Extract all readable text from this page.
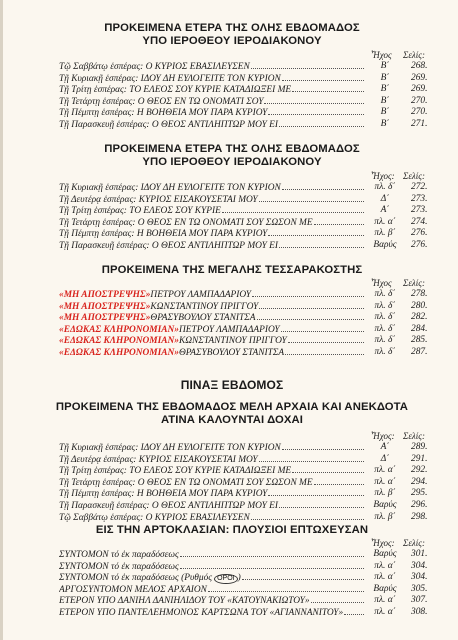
ΠΡΟΚΕΙΜΕΝΑ ΕΤΕΡΑ ΤΗΣ ΟΛΗΣ ΕΒΔΟΜΑΔΟΣ
ΥΠΟ ΙΕΡΟΘΕΟΥ ΙΕΡΟΔΙΑΚΟΝΟΥ
Ἦχος Σελίς:
Τῷ Σαββάτῳ ἑσπέρας: Ο ΚΥΡΙΟΣ ΕΒΑΣΙΛΕΥΣΕΝ	Β΄	268.
Τῇ Κυριακῇ ἑσπέρας: ΙΔΟΥ ΔΗ ΕΥΛΟΓΕΙΤΕ ΤΟΝ ΚΥΡΙΟΝ	Β΄	269.
Τῇ Τρίτῃ ἑσπέρας: ΤΟ ΕΛΕΟΣ ΣΟΥ ΚΥΡΙΕ ΚΑΤΑΔΙΩΞΕΙ ΜΕ	Β΄	269.
Τῇ Τετάρτῃ ἑσπέρας: Ο ΘΕΟΣ ΕΝ ΤΩ ΟΝΟΜΑΤΙ ΣΟΥ	Β΄	270.
Τῇ Πέμπτῃ ἑσπέρας: Η ΒΟΗΘΕΙΑ ΜΟΥ ΠΑΡΑ ΚΥΡΙΟΥ	Β΄	270.
Τῇ Παρασκευῇ ἑσπέρας: Ο ΘΕΟΣ ΑΝΤΙΛΗΠΤΩΡ ΜΟΥ ΕΙ	Β΄	271.
ΠΡΟΚΕΙΜΕΝΑ ΕΤΕΡΑ ΤΗΣ ΟΛΗΣ ΕΒΔΟΜΑΔΟΣ
ΥΠΟ ΙΕΡΟΘΕΟΥ ΙΕΡΟΔΙΑΚΟΝΟΥ
Ἦχος: Σελίς:
Τῇ Κυριακῇ ἑσπέρας: ΙΔΟΥ ΔΗ ΕΥΛΟΓΕΙΤΕ ΤΟΝ ΚΥΡΙΟΝ	πλ. δ΄	272.
Τῇ Δευτέρᾳ ἑσπέρας: ΚΥΡΙΟΣ ΕΙΣΑΚΟΥΣΕΤΑΙ ΜΟΥ	Δ΄	273.
Τῇ Τρίτῃ ἑσπέρας: ΤΟ ΕΛΕΟΣ ΣΟΥ ΚΥΡΙΕ	Α΄	273.
Τῇ Τετάρτῃ ἑσπέρας: Ο ΘΕΟΣ ΕΝ ΤΩ ΟΝΟΜΑΤΙ ΣΟΥ ΣΩΣΟΝ ΜΕ	πλ. α΄	274.
Τῇ Πέμπτῃ ἑσπέρας: Η ΒΟΗΘΕΙΑ ΜΟΥ ΠΑΡΑ ΚΥΡΙΟΥ	πλ. β΄	276.
Τῇ Παρασκευῇ ἑσπέρας: Ο ΘΕΟΣ ΑΝΤΙΛΗΠΤΩΡ ΜΟΥ ΕΙ	Βαρύς	276.
ΠΡΟΚΕΙΜΕΝΑ ΤΗΣ ΜΕΓΑΛΗΣ ΤΕΣΣΑΡΑΚΟΣΤΗΣ
Ἦχος Σελίς:
«ΜΗ ΑΠΟΣΤΡΕΨΗΣ» ΠΕΤΡΟΥ ΛΑΜΠΑΔΑΡΙΟΥ	πλ. δ΄	278.
«ΜΗ ΑΠΟΣΤΡΕΨΗΣ» ΚΩΝΣΤΑΝΤΙΝΟΥ ΠΡΙΓΓΟΥ	πλ. δ΄	280.
«ΜΗ ΑΠΟΣΤΡΕΨΗΣ» ΘΡΑΣΥΒΟΥΛΟΥ ΣΤΑΝΙΤΣΑ	πλ. δ΄	282.
«ΕΔΩΚΑΣ ΚΛΗΡΟΝΟΜΙΑΝ» ΠΕΤΡΟΥ ΛΑΜΠΑΔΑΡΙΟΥ	πλ. δ΄	284.
«ΕΔΩΚΑΣ ΚΛΗΡΟΝΟΜΙΑΝ» ΚΩΝΣΤΑΝΤΙΝΟΥ ΠΡΙΓΓΟΥ	πλ. δ΄	285.
«ΕΔΩΚΑΣ ΚΛΗΡΟΝΟΜΙΑΝ» ΘΡΑΣΥΒΟΥΛΟΥ ΣΤΑΝΙΤΣΑ	πλ. δ΄	287.
ΠΙΝΑΞ ΕΒΔΟΜΟΣ
ΠΡΟΚΕΙΜΕΝΑ ΤΗΣ ΕΒΔΟΜΑΔΟΣ ΜΕΛΗ ΑΡΧΑΙΑ ΚΑΙ ΑΝΕΚΔΟΤΑ
ΑΤΙΝΑ ΚΑΛΟΥΝΤΑΙ ΔΟΧΑΙ
Ἦχος: Σελίς:
Τῇ Κυριακῇ ἑσπέρας: ΙΔΟΥ ΔΗ ΕΥΛΟΓΕΙΤΕ ΤΟΝ ΚΥΡΙΟΝ	Α΄	289.
Τῇ Δευτέρᾳ ἑσπέρας: ΚΥΡΙΟΣ ΕΙΣΑΚΟΥΣΕΤΑΙ ΜΟΥ	Δ΄	291.
Τῇ Τρίτῃ ἑσπέρας: ΤΟ ΕΛΕΟΣ ΣΟΥ ΚΥΡΙΕ ΚΑΤΑΔΙΩΞΕΙ ΜΕ	πλ. α΄	292.
Τῇ Τετάρτῃ ἑσπέρας: Ο ΘΕΟΣ ΕΝ ΤΩ ΟΝΟΜΑΤΙ ΣΟΥ ΣΩΣΟΝ ΜΕ	πλ. α΄	294.
Τῇ Πέμπτῃ ἑσπέρας: Η ΒΟΗΘΕΙΑ ΜΟΥ ΠΑΡΑ ΚΥΡΙΟΥ	πλ. β΄	295.
Τῇ Παρασκευῇ ἑσπέρας: Ο ΘΕΟΣ ΑΝΤΙΛΗΠΤΩΡ ΜΟΥ ΕΙ	Βαρύς	296.
Τῷ Σαββάτῳ ἑσπέρας: Ο ΚΥΡΙΟΣ ΕΒΑΣΙΛΕΥΣΕΝ	πλ. β΄	298.
ΕΙΣ ΤΗΝ ΑΡΤΟΚΛΑΣΙΑΝ: ΠΛΟΥΣΙΟΙ ΕΠΤΩΧΕΥΣΑΝ
Ἦχος: Σελίς:
ΣΥΝΤΟΜΟΝ τό ἐκ παραδόσεως	Βαρύς	301.
ΣΥΝΤΟΜΟΝ τό ἐκ παραδόσεως	πλ. α΄	304.
ΣΥΝΤΟΜΟΝ τό ἐκ παραδόσεως (Ρυθμός ΟΡΟΙ )	πλ. α΄	304.
ΑΡΓΟΣΥΝΤΟΜΟΝ ΜΕΛΟΣ ΑΡΧΑΙΟΝ	Βαρύς	305.
ΕΤΕΡΟΝ ΥΠΟ ΔΑΝΙΗΛ ΔΑΝΙΗΛΙΔΟΥ ΤΟΥ «ΚΑΤΟΥΝΑΚΙΩΤΟΥ»	πλ. α΄	307.
ΕΤΕΡΟΝ ΥΠΟ ΠΑΝΤΕΛΕΗΜΟΝΟΣ ΚΑΡΤΣΩΝΑ ΤΟΥ «ΑΓΙΑΝΝΑΝΙΤΟΥ»	πλ. α΄	308.
